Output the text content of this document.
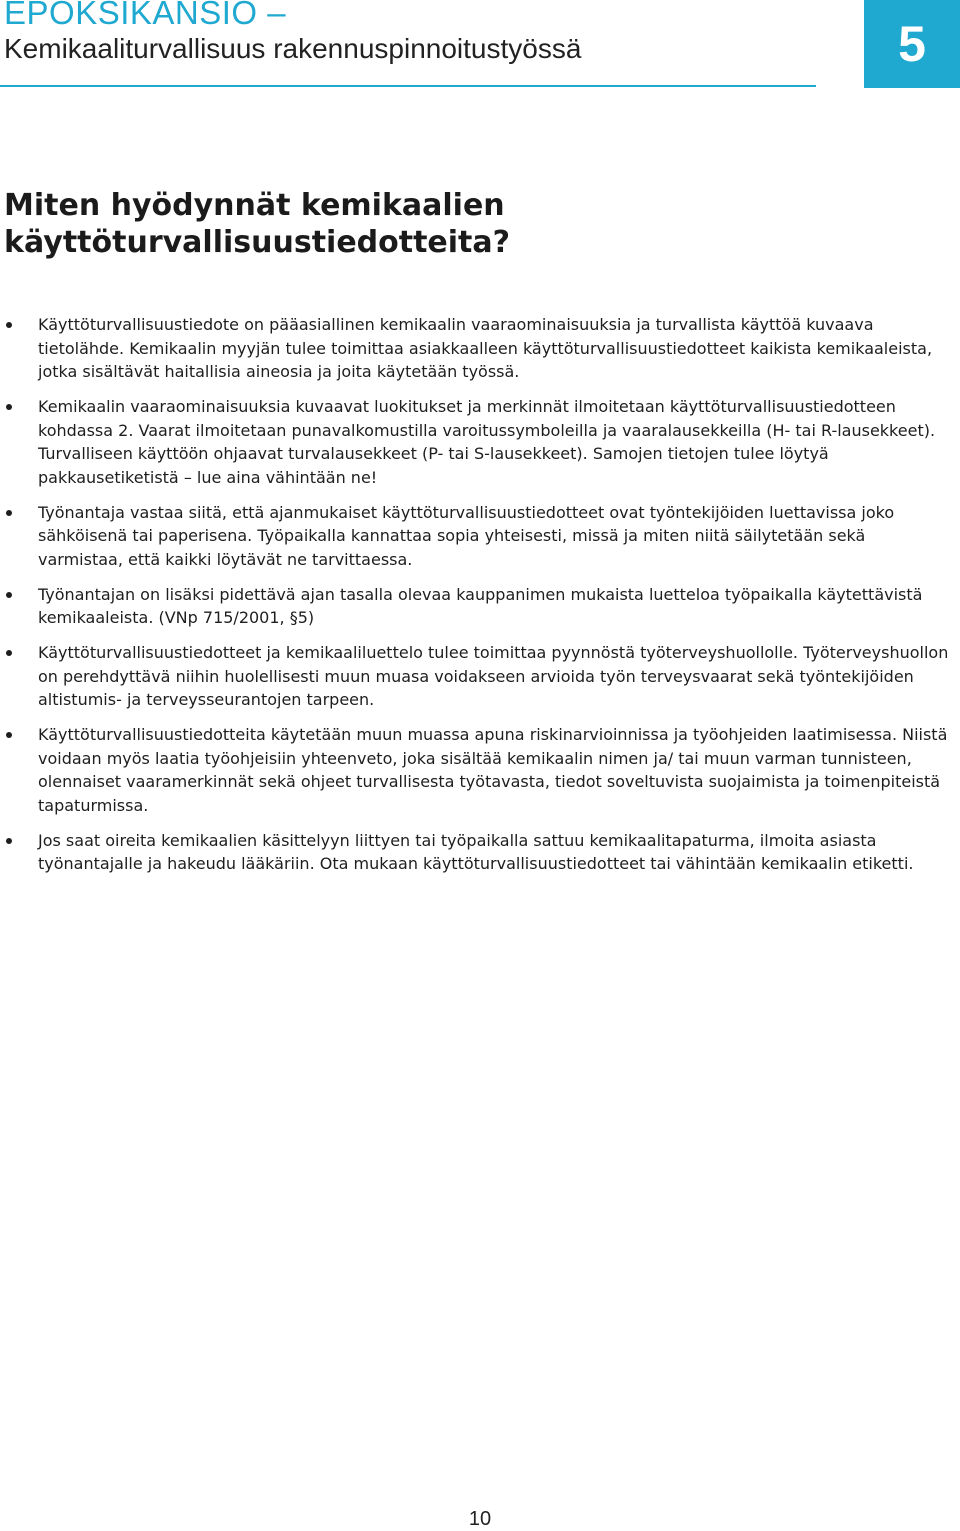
EPOKSIKANSIO –
Kemikaaliturvallisuus rakennuspinnoitustyössä	5
Miten hyödynnät kemikaalien käyttöturvallisuustiedotteita?
Käyttöturvallisuustiedote on pääasiallinen kemikaalin vaaraominaisuuksia ja turvallista käyttöä kuvaava tietolähde. Kemikaalin myyjän tulee toimittaa asiakkaalleen käyttöturvallisuustiedotteet kaikista kemikaaleista, jotka sisältävät haitallisia aineosia ja joita käytetään työssä.
Kemikaalin vaaraominaisuuksia kuvaavat luokitukset ja merkinnät ilmoitetaan käyttöturvallisuustiedotteen kohdassa 2. Vaarat ilmoitetaan punavalkomustilla varoitussymboleilla ja vaaralausekkeilla (H- tai R-lausekkeet). Turvalliseen käyttöön ohjaavat turvalausekkeet (P- tai S-lausekkeet). Samojen tietojen tulee löytyä pakkausetiketistä – lue aina vähintään ne!
Työnantaja vastaa siitä, että ajanmukaiset käyttöturvallisuustiedotteet ovat työntekijöiden luettavissa joko sähköisenä tai paperisena. Työpaikalla kannattaa sopia yhteisesti, missä ja miten niitä säilytetään sekä varmistaa, että kaikki löytävät ne tarvittaessa.
Työnantajan on lisäksi pidettävä ajan tasalla olevaa kauppanimen mukaista luetteloa työpaikalla käytettävistä kemikaaleista. (VNp 715/2001, §5)
Käyttöturvallisuustiedotteet ja kemikaaliluettelo tulee toimittaa pyynnöstä työterveyshuollolle. Työterveyshuollon on perehdyttävä niihin huolellisesti muun muasa voidakseen arvioida työn terveysvaarat sekä työntekijöiden altistumis- ja terveysseurantojen tarpeen.
Käyttöturvallisuustiedotteita käytetään muun muassa apuna riskinarvioinnissa ja työohjeiden laatimisessa. Niistä voidaan myös laatia työohjeisiin yhteenveto, joka sisältää kemikaalin nimen ja/ tai muun varman tunnisteen, olennaiset vaaramerkinnät sekä ohjeet turvallisesta työtavasta, tiedot soveltuvista suojaimista ja toimenpiteistä tapaturmissa.
Jos saat oireita kemikaalien käsittelyyn liittyen tai työpaikalla sattuu kemikaalitapaturma, ilmoita asiasta työnantajalle ja hakeudu lääkäriin. Ota mukaan käyttöturvallisuustiedotteet tai vähintään kemikaalin etiketti.
10
